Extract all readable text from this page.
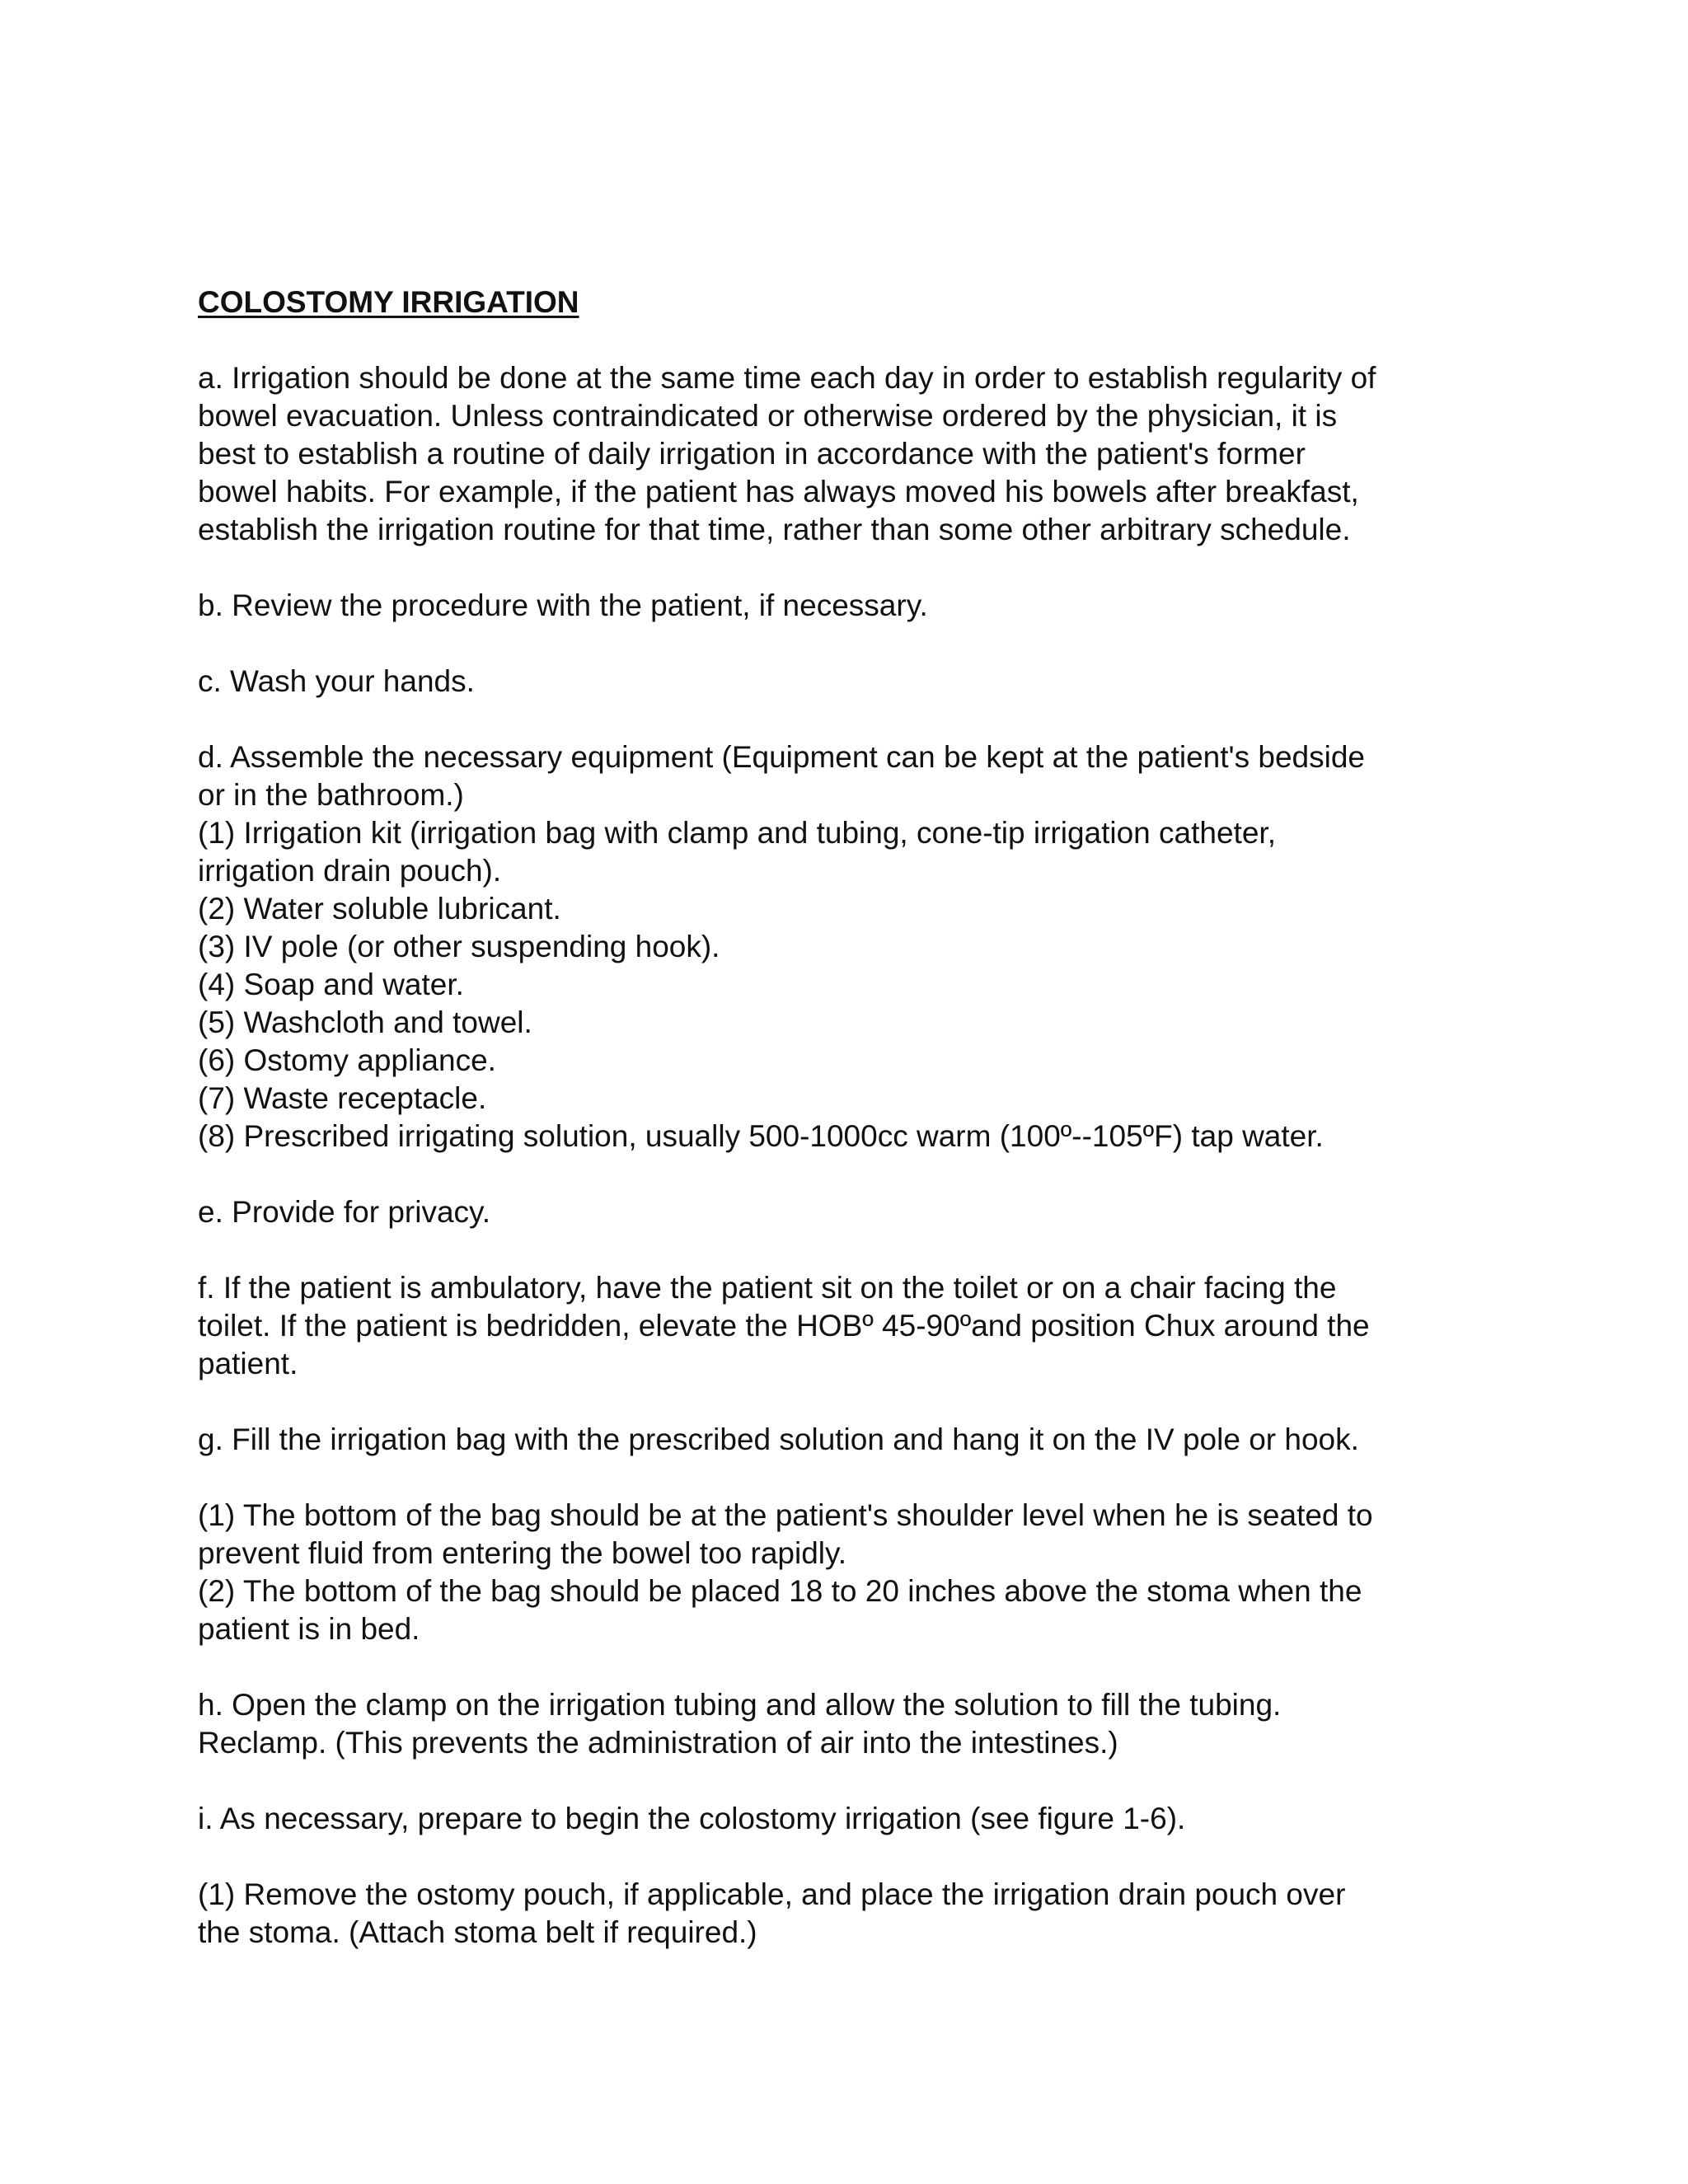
COLOSTOMY IRRIGATION
a. Irrigation should be done at the same time each day in order to establish regularity of
bowel evacuation. Unless contraindicated or otherwise ordered by the physician, it is
best to establish a routine of daily irrigation in accordance with the patient's former
bowel habits. For example, if the patient has always moved his bowels after breakfast,
establish the irrigation routine for that time, rather than some other arbitrary schedule.
b. Review the procedure with the patient, if necessary.
c. Wash your hands.
d. Assemble the necessary equipment (Equipment can be kept at the patient's bedside
or in the bathroom.)
(1) Irrigation kit (irrigation bag with clamp and tubing, cone-tip irrigation catheter,
irrigation drain pouch).
(2) Water soluble lubricant.
(3) IV pole (or other suspending hook).
(4) Soap and water.
(5) Washcloth and towel.
(6) Ostomy appliance.
(7) Waste receptacle.
(8) Prescribed irrigating solution, usually 500-1000cc warm (100º--105ºF) tap water.
e. Provide for privacy.
f. If the patient is ambulatory, have the patient sit on the toilet or on a chair facing the
toilet. If the patient is bedridden, elevate the HOBº 45-90ºand position Chux around the
patient.
g. Fill the irrigation bag with the prescribed solution and hang it on the IV pole or hook.
(1) The bottom of the bag should be at the patient's shoulder level when he is seated to
prevent fluid from entering the bowel too rapidly.
(2) The bottom of the bag should be placed 18 to 20 inches above the stoma when the
patient is in bed.
h. Open the clamp on the irrigation tubing and allow the solution to fill the tubing.
Reclamp. (This prevents the administration of air into the intestines.)
i. As necessary, prepare to begin the colostomy irrigation (see figure 1-6).
(1) Remove the ostomy pouch, if applicable, and place the irrigation drain pouch over
the stoma. (Attach stoma belt if required.)
